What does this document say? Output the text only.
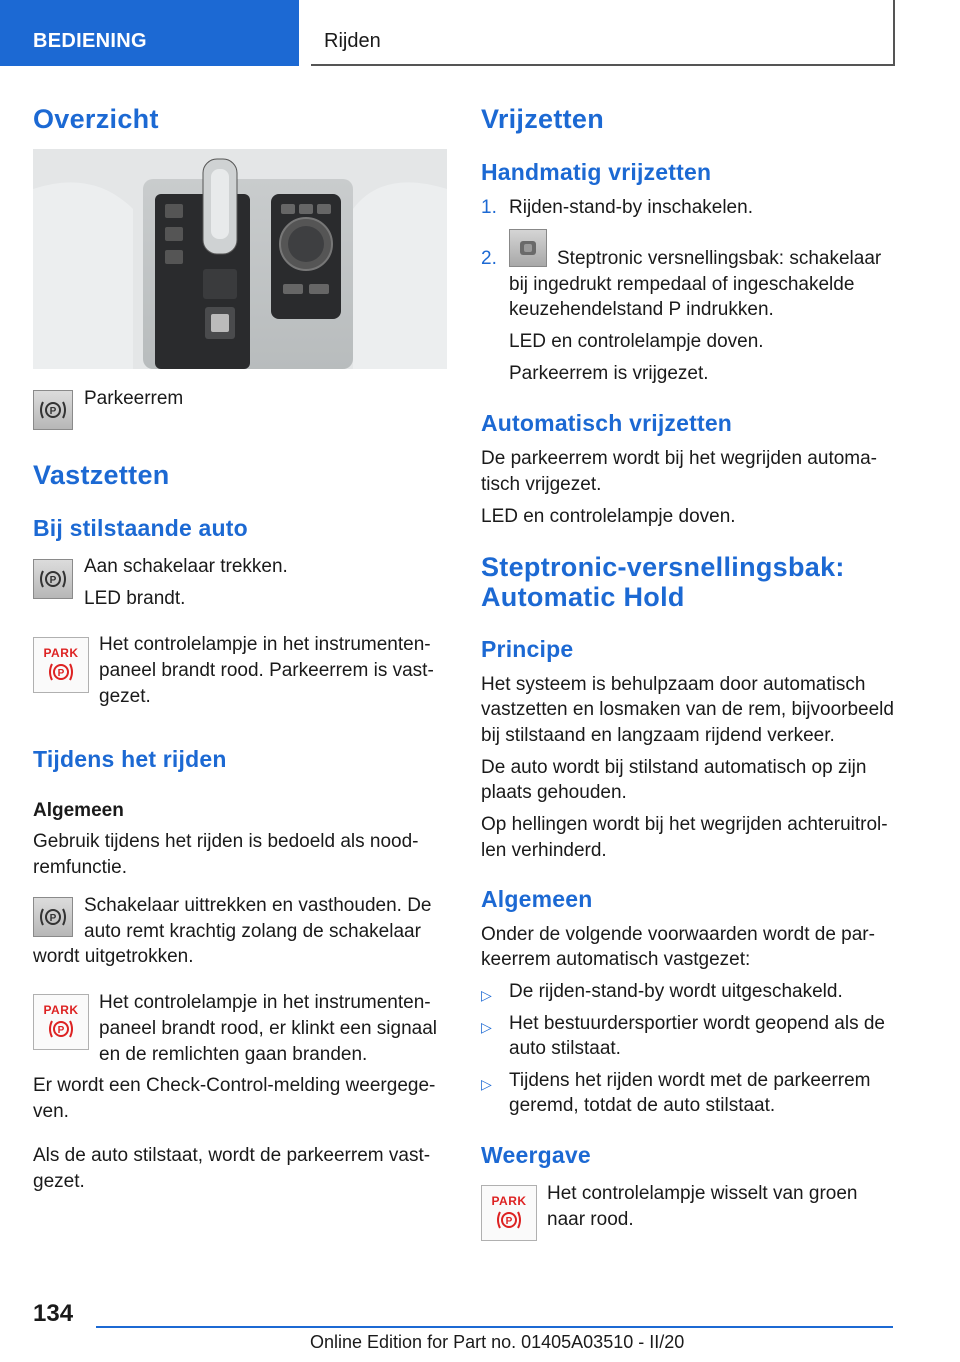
BEDIENING	Rijden
Overzicht
P
Parkeerrem
Vastzetten
Bij stilstaande auto
P
Aan schakelaar trekken.
LED brandt.
PARK
P
Het controlelampje in het instrumenten-
paneel brandt rood. Parkeerrem is vast-
gezet.
Tijdens het rijden
Algemeen
Gebruik tijdens het rijden is bedoeld als nood-
remfunctie.
P
Schakelaar uittrekken en vasthouden. De
auto remt krachtig zolang de schakelaar
wordt uitgetrokken.
PARK
P
Het controlelampje in het instrumenten-
paneel brandt rood, er klinkt een signaal
en de remlichten gaan branden.
Er wordt een Check-Control-melding weergege-
ven.
Als de auto stilstaat, wordt de parkeerrem vast-
gezet.
Vrijzetten
Handmatig vrijzetten
1. Rijden-stand-by inschakelen.
2.	Steptronic versnellingsbak: schakelaar
bij ingedrukt rempedaal of ingeschakelde
keuzehendelstand P indrukken.
LED en controlelampje doven.
Parkeerrem is vrijgezet.
Automatisch vrijzetten
De parkeerrem wordt bij het wegrijden automa-
tisch vrijgezet.
LED en controlelampje doven.
Steptronic-versnellingsbak:
Automatic Hold
Principe
Het systeem is behulpzaam door automatisch
vastzetten en losmaken van de rem, bijvoorbeeld
bij stilstaand en langzaam rijdend verkeer.
De auto wordt bij stilstand automatisch op zijn
plaats gehouden.
Op hellingen wordt bij het wegrijden achteruitrol-
len verhinderd.
Algemeen
Onder de volgende voorwaarden wordt de par-
keerrem automatisch vastgezet:
▷ De rijden-stand-by wordt uitgeschakeld.
▷ Het bestuurdersportier wordt geopend als de
auto stilstaat.
▷ Tijdens het rijden wordt met de parkeerrem
geremd, totdat de auto stilstaat.
Weergave
PARK
P
Het controlelampje wisselt van groen
naar rood.
134
Online Edition for Part no. 01405A03510 - II/20
